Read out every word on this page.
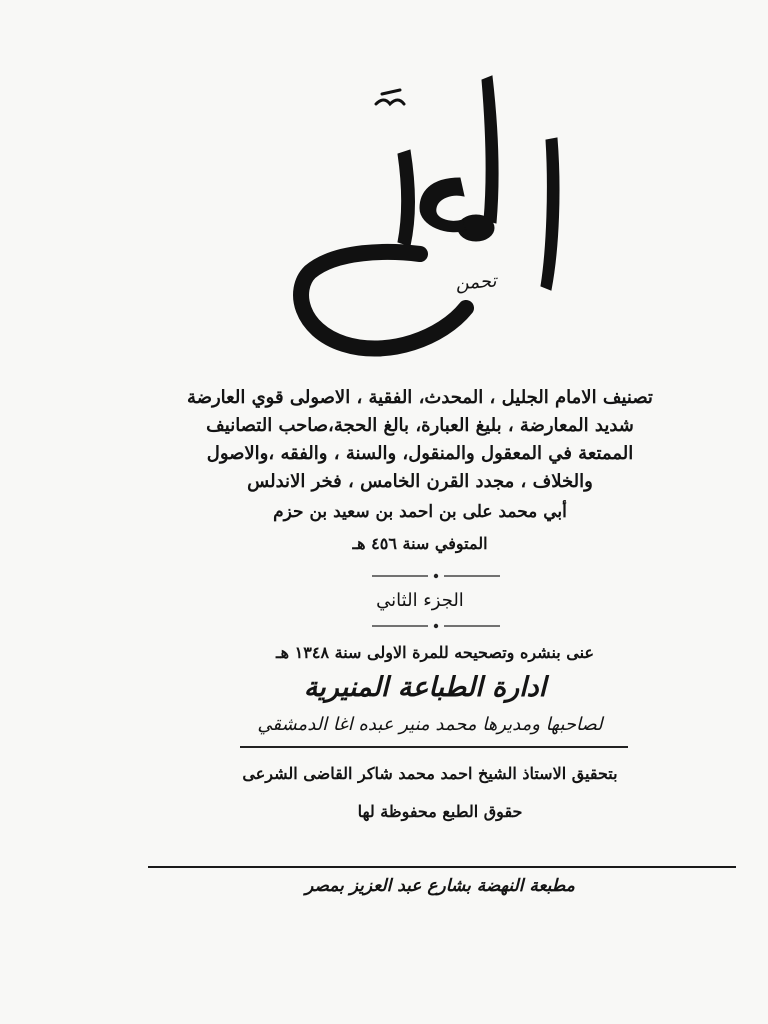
ت‍حمن
تصنيف الامام الجليل ، المحدث، الفقية ، الاصولى قوي العارضة
شديد المعارضة ، بليغ العبارة، بالغ الحجة،صاحب التصانيف
الممتعة في المعقول والمنقول، والسنة ، والفقه ،والاصول
والخلاف ، مجدد القرن الخامس ، فخر الاندلس
أبي محمد على بن احمد بن سعيد بن حزم
المتوفي سنة ٤٥٦ هـ
الجزء الثاني
عنى بنشره وتصحيحه للمرة الاولى سنة ١٣٤٨ هـ
ادارة الطباعة المنيرية
لصاحبها ومديرها محمد منير عبده اغا الدمشقي
بتحقيق الاستاذ الشيخ احمد محمد شاكر القاضى الشرعى
حقوق الطبع محفوظة لها
مطبعة النهضة بشارع عبد العزيز بمصر
